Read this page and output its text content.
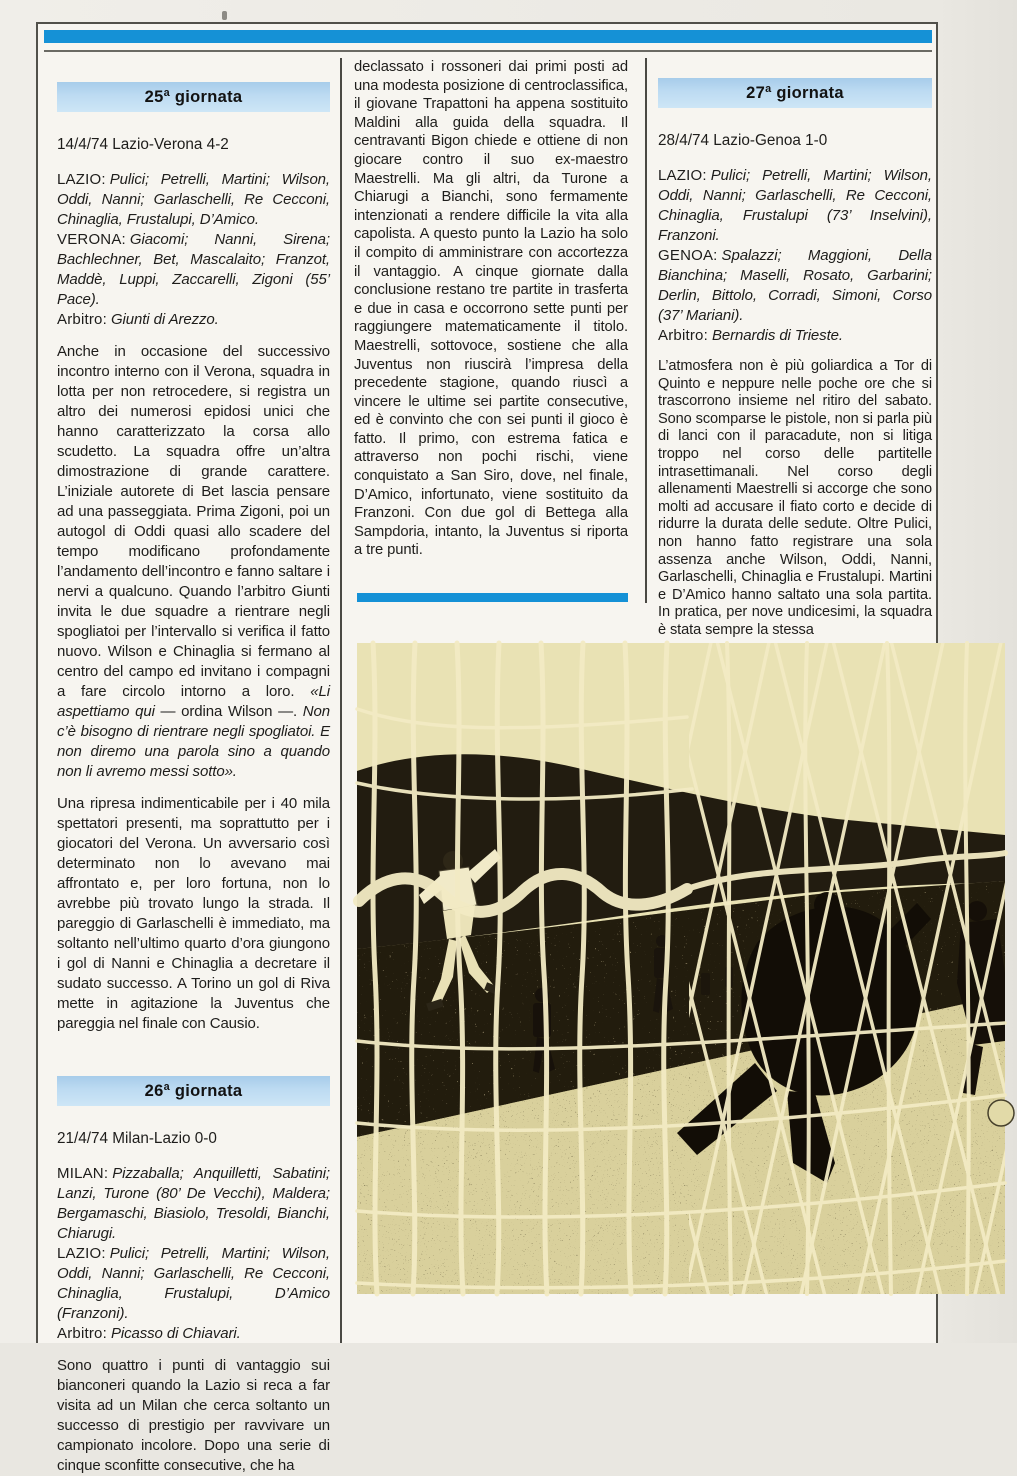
25ª giornata

14/4/74 Lazio-Verona 4-2

LAZIO: Pulici; Petrelli, Martini; Wilson, Oddi, Nanni; Garlaschelli, Re Cecconi, Chinaglia, Frustalupi, D’Amico.

VERONA: Giacomi; Nanni, Sirena; Bachlechner, Bet, Mascalaito; Franzot, Maddè, Luppi, Zaccarelli, Zigoni (55’ Pace).

Arbitro: Giunti di Arezzo.

Anche in occasione del successivo incontro interno con il Verona, squadra in lotta per non retrocedere, si registra un altro dei numerosi epidosi unici che hanno caratterizzato la corsa allo scudetto. La squadra offre un’altra dimostrazione di grande carattere. L’iniziale autorete di Bet lascia pensare ad una passeggiata. Prima Zigoni, poi un autogol di Oddi quasi allo scadere del tempo modificano profondamente l’andamento dell’incontro e fanno saltare i nervi a qualcuno. Quando l’arbitro Giunti invita le due squadre a rientrare negli spogliatoi per l’intervallo si verifica il fatto nuovo. Wilson e Chinaglia si fermano al centro del campo ed invitano i compagni a fare circolo intorno a loro. «Li aspettiamo qui — ordina Wilson —. Non c’è bisogno di rientrare negli spogliatoi. E non diremo una parola sino a quando non li avremo messi sotto».

Una ripresa indimenticabile per i 40 mila spettatori presenti, ma soprattutto per i giocatori del Verona. Un avversario così determinato non lo avevano mai affrontato e, per loro fortuna, non lo avrebbe più trovato lungo la strada. Il pareggio di Garlaschelli è immediato, ma soltanto nell’ultimo quarto d’ora giungono i gol di Nanni e Chinaglia a decretare il sudato successo. A Torino un gol di Riva mette in agitazione la Juventus che pareggia nel finale con Causio.

26ª giornata

21/4/74 Milan-Lazio 0-0

MILAN: Pizzaballa; Anquilletti, Sabatini; Lanzi, Turone (80’ De Vecchi), Maldera; Bergamaschi, Biasiolo, Tresoldi, Bianchi, Chiarugi.

LAZIO: Pulici; Petrelli, Martini; Wilson, Oddi, Nanni; Garlaschelli, Re Cecconi, Chinaglia, Frustalupi, D’Amico (Franzoni).

Arbitro: Picasso di Chiavari.

Sono quattro i punti di vantaggio sui bianconeri quando la Lazio si reca a far visita ad un Milan che cerca soltanto un successo di prestigio per ravvivare un campionato incolore. Dopo una serie di cinque sconfitte consecutive, che ha

declassato i rossoneri dai primi posti ad una modesta posizione di centroclassifica, il giovane Trapattoni ha appena sostituito Maldini alla guida della squadra. Il centravanti Bigon chiede e ottiene di non giocare contro il suo ex-maestro Maestrelli. Ma gli altri, da Turone a Chiarugi a Bianchi, sono fermamente intenzionati a rendere difficile la vita alla capolista. A questo punto la Lazio ha solo il compito di amministrare con accortezza il vantaggio. A cinque giornate dalla conclusione restano tre partite in trasferta e due in casa e occorrono sette punti per raggiungere matematicamente il titolo. Maestrelli, sottovoce, sostiene che alla Juventus non riuscirà l’impresa della precedente stagione, quando riuscì a vincere le ultime sei partite consecutive, ed è convinto che con sei punti il gioco è fatto. Il primo, con estrema fatica e attraverso non pochi rischi, viene conquistato a San Siro, dove, nel finale, D’Amico, infortunato, viene sostituito da Franzoni. Con due gol di Bettega alla Sampdoria, intanto, la Juventus si riporta a tre punti.

27ª giornata

28/4/74 Lazio-Genoa 1-0

LAZIO: Pulici; Petrelli, Martini; Wilson, Oddi, Nanni; Garlaschelli, Re Cecconi, Chinaglia, Frustalupi (73’ Inselvini), Franzoni.

GENOA: Spalazzi; Maggioni, Della Bianchina; Maselli, Rosato, Garbarini; Derlin, Bittolo, Corradi, Simoni, Corso (37’ Mariani).

Arbitro: Bernardis di Trieste.

L’atmosfera non è più goliardica a Tor di Quinto e neppure nelle poche ore che si trascorrono insieme nel ritiro del sabato. Sono scomparse le pistole, non si parla più di lanci con il paracadute, non si litiga troppo nel corso delle partitelle intrasettimanali. Nel corso degli allenamenti Maestrelli si accorge che sono molti ad accusare il fiato corto e decide di ridurre la durata delle sedute. Oltre Pulici, non hanno fatto registrare una sola assenza anche Wilson, Oddi, Nanni, Garlaschelli, Chinaglia e Frustalupi. Martini e D’Amico hanno saltato una sola partita. In pratica, per nove undicesimi, la squadra è stata sempre la stessa
